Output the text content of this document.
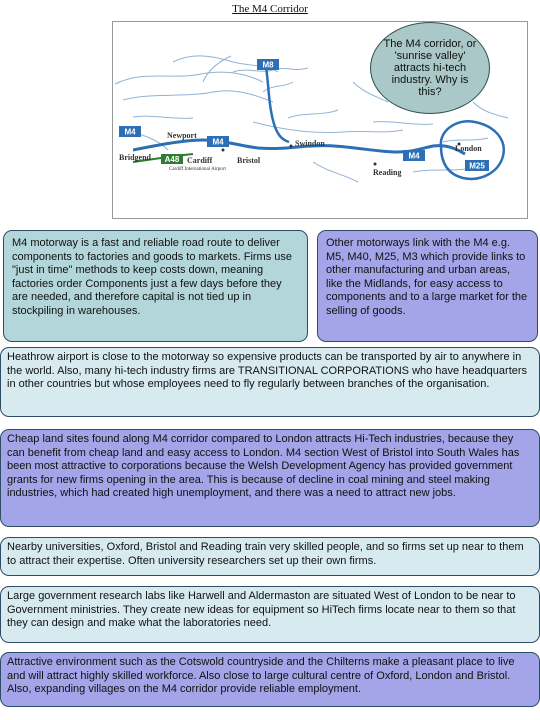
The M4 Corridor
M8
M4
M4
M4
M25
A48
Newport
Cardiff
Bridgend	Bristol
Swindon
Reading
London
Cardiff International Airport
The M4 corridor, or 'sunrise valley' attracts hi-tech industry. Why is this?
M4 motorway is a fast and reliable road route to deliver components to factories and goods to markets. Firms use "just in time" methods to keep costs down, meaning factories order Components just a few days before they are needed, and therefore capital is not tied up in stockpiling in warehouses.
Other motorways link with the M4 e.g. M5, M40, M25, M3 which provide links to other manufacturing and urban areas, like the Midlands, for easy access to components and to a large market for the selling of goods.
Heathrow airport is close to the motorway so expensive products can be transported by air to anywhere in the world. Also, many hi-tech industry firms are TRANSITIONAL CORPORATIONS who have headquarters in other countries but whose employees need to fly regularly between branches of the organisation.
Cheap land sites found along M4 corridor compared to London attracts Hi-Tech industries, because they can benefit from cheap land and easy access to London. M4 section West of Bristol into South Wales has been most attractive to corporations because the Welsh Development Agency has provided government grants for new firms opening in the area. This is because of decline in coal mining and steel making industries, which had created high unemployment, and there was a need to attract new jobs.
Nearby universities, Oxford, Bristol and Reading train very skilled people, and so firms set up near to them to attract their expertise. Often university researchers set up their own firms.
Large government research labs like Harwell and Aldermaston are situated West of London to be near to Government ministries. They create new ideas for equipment so HiTech firms locate near to them so that they can design and make what the laboratories need.
Attractive environment such as the Cotswold countryside and the Chilterns make a pleasant place to live and will attract highly skilled workforce. Also close to large cultural centre of Oxford, London and Bristol. Also, expanding villages on the M4 corridor provide reliable employment.
